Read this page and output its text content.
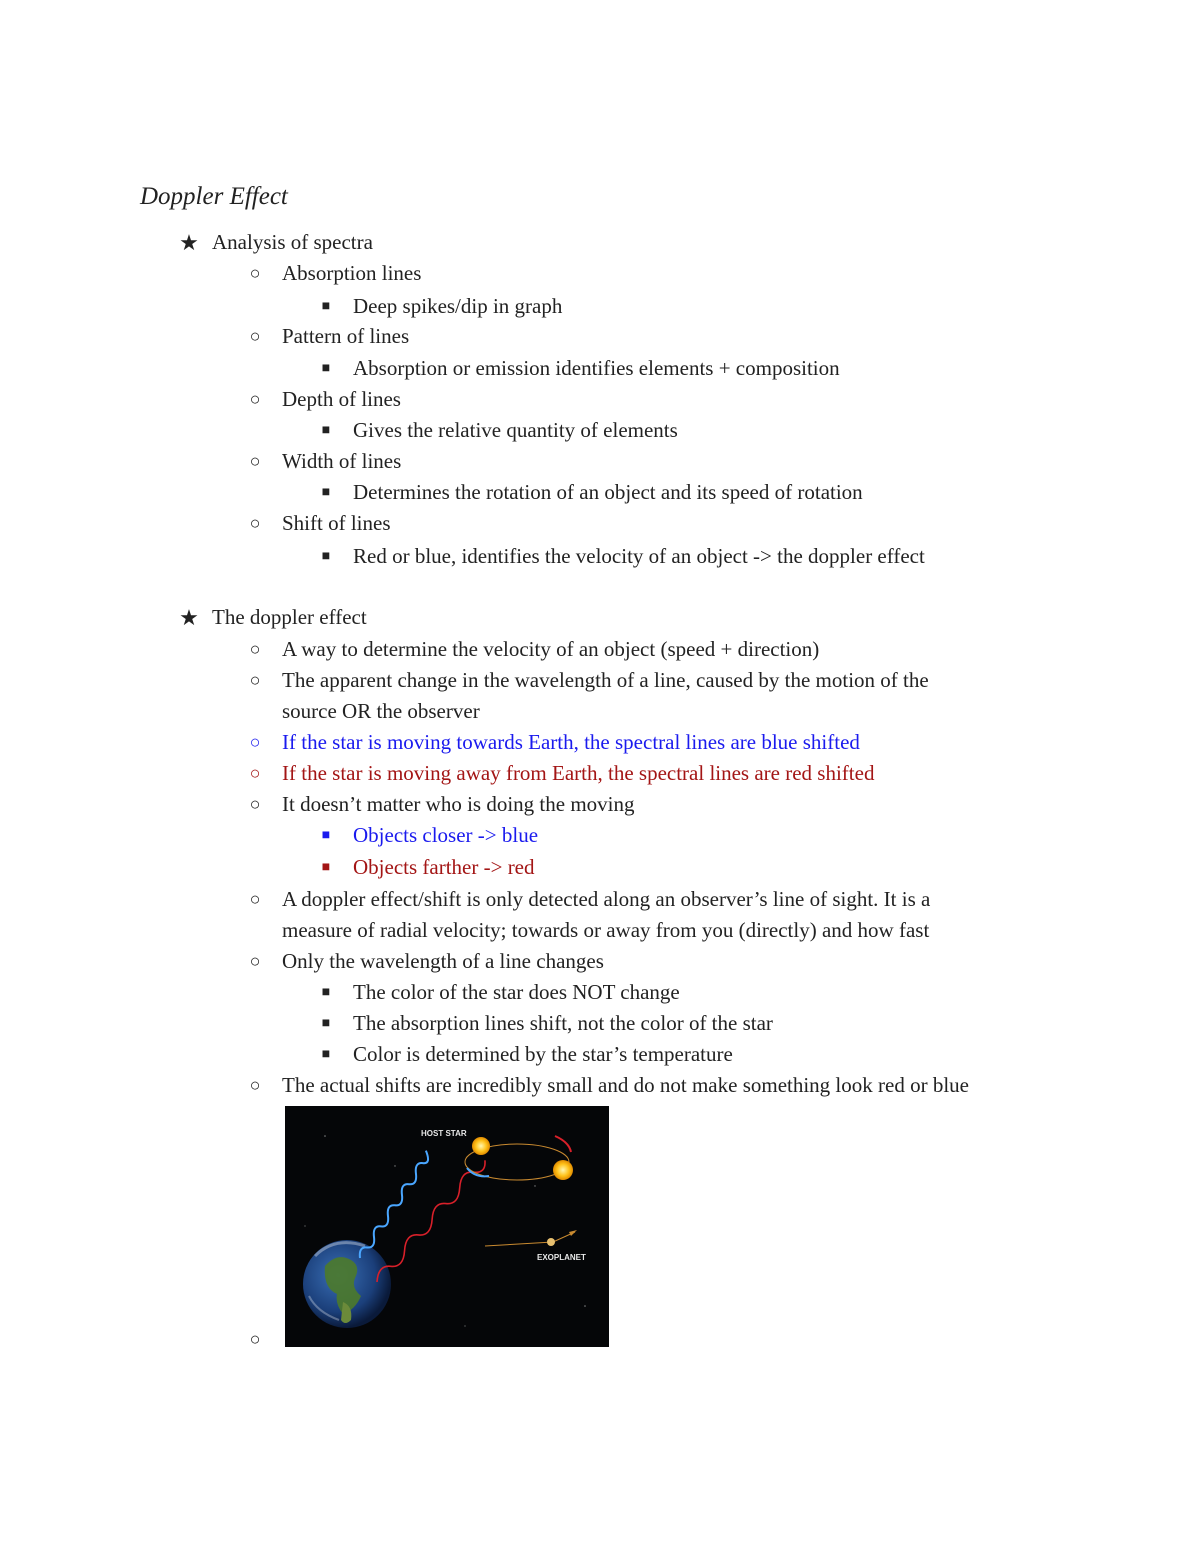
Doppler Effect
★ Analysis of spectra
○ Absorption lines
■ Deep spikes/dip in graph
○ Pattern of lines
■ Absorption or emission identifies elements + composition
○ Depth of lines
■ Gives the relative quantity of elements
○ Width of lines
■ Determines the rotation of an object and its speed of rotation
○ Shift of lines
■ Red or blue, identifies the velocity of an object -> the doppler effect
★ The doppler effect
○ A way to determine the velocity of an object (speed + direction)
○ The apparent change in the wavelength of a line, caused by the motion of the
source OR the observer
○ If the star is moving towards Earth, the spectral lines are blue shifted
○ If the star is moving away from Earth, the spectral lines are red shifted
○ It doesn’t matter who is doing the moving
■ Objects closer -> blue
■ Objects farther -> red
○ A doppler effect/shift is only detected along an observer’s line of sight. It is a
measure of radial velocity; towards or away from you (directly) and how fast
○ Only the wavelength of a line changes
■ The color of the star does NOT change
■ The absorption lines shift, not the color of the star
■ Color is determined by the star’s temperature
○ The actual shifts are incredibly small and do not make something look red or blue
○
HOST STAR
EXOPLANET
